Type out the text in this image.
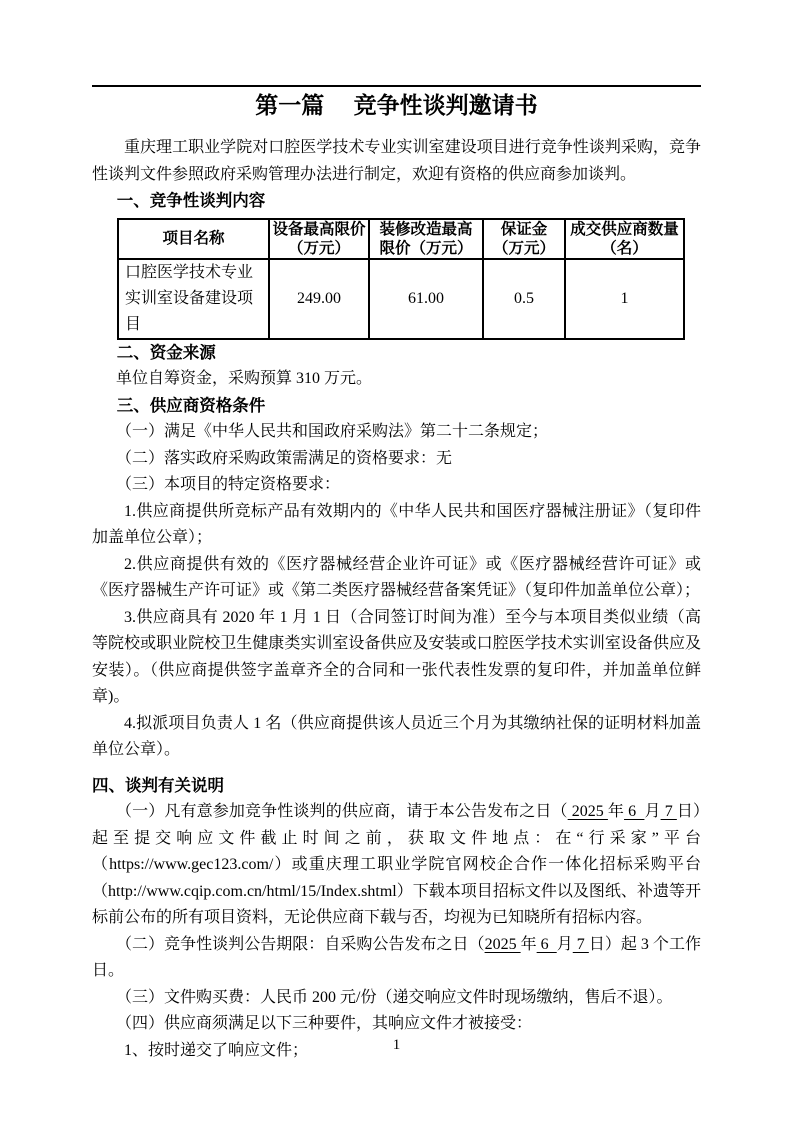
第一篇　 竞争性谈判邀请书

重庆理工职业学院对口腔医学技术专业实训室建设项目进行竞争性谈判采购，竞争性谈判文件参照政府采购管理办法进行制定，欢迎有资格的供应商参加谈判。

一、竞争性谈判内容
项目名称	设备最高限价（万元）	装修改造最高限价（万元）	保证金（万元）	成交供应商数量（名）
口腔医学技术专业实训室设备建设项目	249.00	61.00	0.5	1
二、资金来源

单位自筹资金，采购预算 310 万元。

三、供应商资格条件

（一）满足《中华人民共和国政府采购法》第二十二条规定；

（二）落实政府采购政策需满足的资格要求：无

（三）本项目的特定资格要求：

1.供应商提供所竞标产品有效期内的《中华人民共和国医疗器械注册证》（复印件加盖单位公章）；

2.供应商提供有效的《医疗器械经营企业许可证》或《医疗器械经营许可证》或《医疗器械生产许可证》或《第二类医疗器械经营备案凭证》（复印件加盖单位公章）；

3.供应商具有 2020 年 1 月 1 日（合同签订时间为准）至今与本项目类似业绩（高等院校或职业院校卫生健康类实训室设备供应及安装或口腔医学技术实训室设备供应及安装）。（供应商提供签字盖章齐全的合同和一张代表性发票的复印件，并加盖单位鲜章)。

4.拟派项目负责人 1 名（供应商提供该人员近三个月为其缴纳社保的证明材料加盖单位公章）。

四、谈判有关说明

（一）凡有意参加竞争性谈判的供应商，请于本公告发布之日（ 2025 年 6  月 7 日）起至提交响应文件截止时间之前，获取文件地点：在“行采家”平台（https://www.gec123.com/）或重庆理工职业学院官网校企合作一体化招标采购平台（http://www.cqip.com.cn/html/15/Index.shtml）下载本项目招标文件以及图纸、补遗等开标前公布的所有项目资料，无论供应商下载与否，均视为已知晓所有招标内容。

（二）竞争性谈判公告期限：自采购公告发布之日（2025 年 6  月 7 日）起 3 个工作日。

（三）文件购买费：人民币 200 元/份（递交响应文件时现场缴纳，售后不退）。

（四）供应商须满足以下三种要件，其响应文件才被接受：

1、按时递交了响应文件；	1
